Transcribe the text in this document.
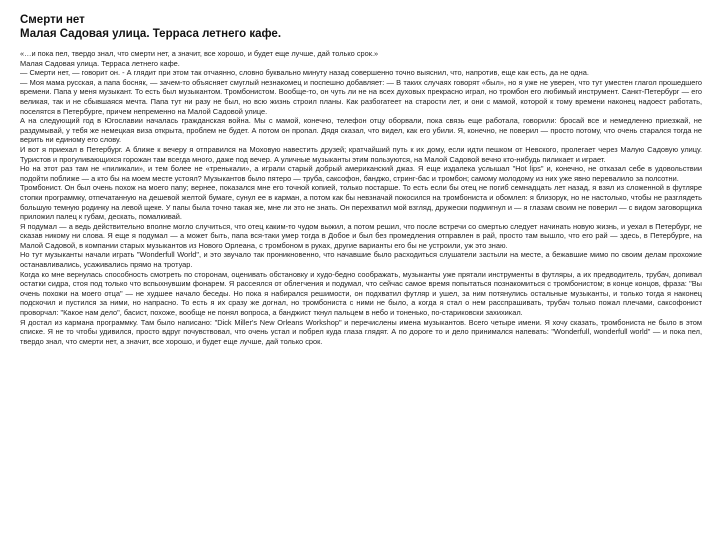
Смерти нет
Малая Садовая улица. Терраса летнего кафе.

«…и пока пел, твердо знал, что смерти нет, а значит, все хорошо, и будет еще лучше, дай только срок.»

Малая Садовая улица. Терраса летнего кафе.

— Смерти нет, — говорит он. - А глядит при этом так отчаянно, словно буквально минуту назад совершенно точно выяснил, что, напротив, еще как есть, да не одна.

— Моя мама русская, а папа босняк, — зачем-то объясняет смуглый незнакомец и поспешно добавляет: — В таких случаях говорят «был», но я уже не уверен, что тут уместен глагол прошедшего времени. Папа у меня музыкант. То есть был музыкантом. Тромбонистом. Вообще-то, он чуть ли не на всех духовых прекрасно играл, но тромбон его любимый инструмент. Санкт-Петербург — его великая, так и не сбывшаяся мечта. Папа тут ни разу не был, но всю жизнь строил планы. Как разбогатеет на старости лет, и они с мамой, которой к тому времени наконец надоест работать, поселятся в Петербурге, причем непременно на Малой Садовой улице.

А на следующий год в Югославии началась гражданская война. Мы с мамой, конечно, телефон отцу оборвали, пока связь еще работала, говорили: бросай все и немедленно приезжай, не раздумывай, у тебя же немецкая виза открыта, проблем не будет. А потом он пропал. Дядя сказал, что видел, как его убили. Я, конечно, не поверил — просто потому, что очень старался тогда не верить ни единому его слову.

И вот я приехал в Петербург. А ближе к вечеру я отправился на Моховую навестить друзей; кратчайший путь к их дому, если идти пешком от Невского, пролегает через Малую Садовую улицу. Туристов и прогуливающихся горожан там всегда много, даже под вечер. А уличные музыканты этим пользуются, на Малой Садовой вечно кто-нибудь пиликает и играет.

Но на этот раз там не «пиликали», и тем более не «тренькали», а играли старый добрый американский джаз. Я еще издалека услышал "Hot lips" и, конечно, не отказал себе в удовольствии подойти поближе — а кто бы на моем месте устоял? Музыкантов было пятеро — труба, саксофон, банджо, стринг-бас и тромбон; самому молодому из них уже явно перевалило за полсотни.

Тромбонист. Он был очень похож на моего папу; вернее, показался мне его точной копией, только постарше. То есть если бы отец не погиб семнадцать лет назад, я взял из сложенной в футляре стопки программку, отпечатанную на дешевой желтой бумаге, сунул ее в карман, а потом как бы невзначай покосился на тромбониста и обомлел: я близорук, но не настолько, чтобы не разглядеть большую темную родинку на левой щеке. У папы была точно такая же, мне ли это не знать. Он перехватил мой взгляд, дружески подмигнул и — я глазам своим не поверил — с видом заговорщика приложил палец к губам, дескать, помалкивай.

Я подумал — а ведь действительно вполне могло случиться, что отец каким-то чудом выжил, а потом решил, что после встречи со смертью следует начинать новую жизнь, и уехал в Петербург, не сказав никому ни слова. Я еще я подумал — а может быть, папа вся-таки умер тогда в Добое и был без промедления отправлен в рай, просто там вышло, что его рай — здесь, в Петербурге, на Малой Садовой, в компании старых музыкантов из Нового Орлеана, с тромбоном в руках, другие варианты его бы не устроили, уж это знаю.

Но тут музыканты начали играть "Wonderfull World", и это звучало так проникновенно, что начавшие было расходиться слушатели застыли на месте, а бежавшие мимо по своим делам прохожие останавливались, усаживались прямо на тротуар.

Когда ко мне вернулась способность смотреть по сторонам, оценивать обстановку и худо-бедно соображать, музыканты уже прятали инструменты в футляры, а их предводитель, трубач, допивал остатки сидра, стоя под только что вспыхнувшим фонарем. Я рассеялся от облегчения и подумал, что сейчас самое время попытаться познакомиться с тромбонистом; в конце концов, фраза: "Вы очень похожи на моего отца" — не худшее начало беседы. Но пока я набирался решимости, он подхватил футляр и ушел, за ним потянулись остальные музыканты, и только тогда я наконец подскочил и пустился за ними, но напрасно. То есть я их сразу же догнал, но тромбониста с ними не было, а когда я стал о нем расспрашивать, трубач только пожал плечами, саксофонист проворчал: "Какое нам дело", басист, похоже, вообще не понял вопроса, а банджист ткнул пальцем в небо и тоненько, по-стариковски захихикал.

Я достал из кармана программку. Там было написано: "Dick Miller's New Orleans Workshop" и перечислены имена музыкантов. Всего четыре имени. Я хочу сказать, тромбониста не было в этом списке. Я не то чтобы удивился, просто вдруг почувствовал, что очень устал и побрел куда глаза глядят. А по дороге то и дело принимался напевать: "Wonderfull, wonderfull world" — и пока пел, твердо знал, что смерти нет, а значит, все хорошо, и будет еще лучше, дай только срок.
